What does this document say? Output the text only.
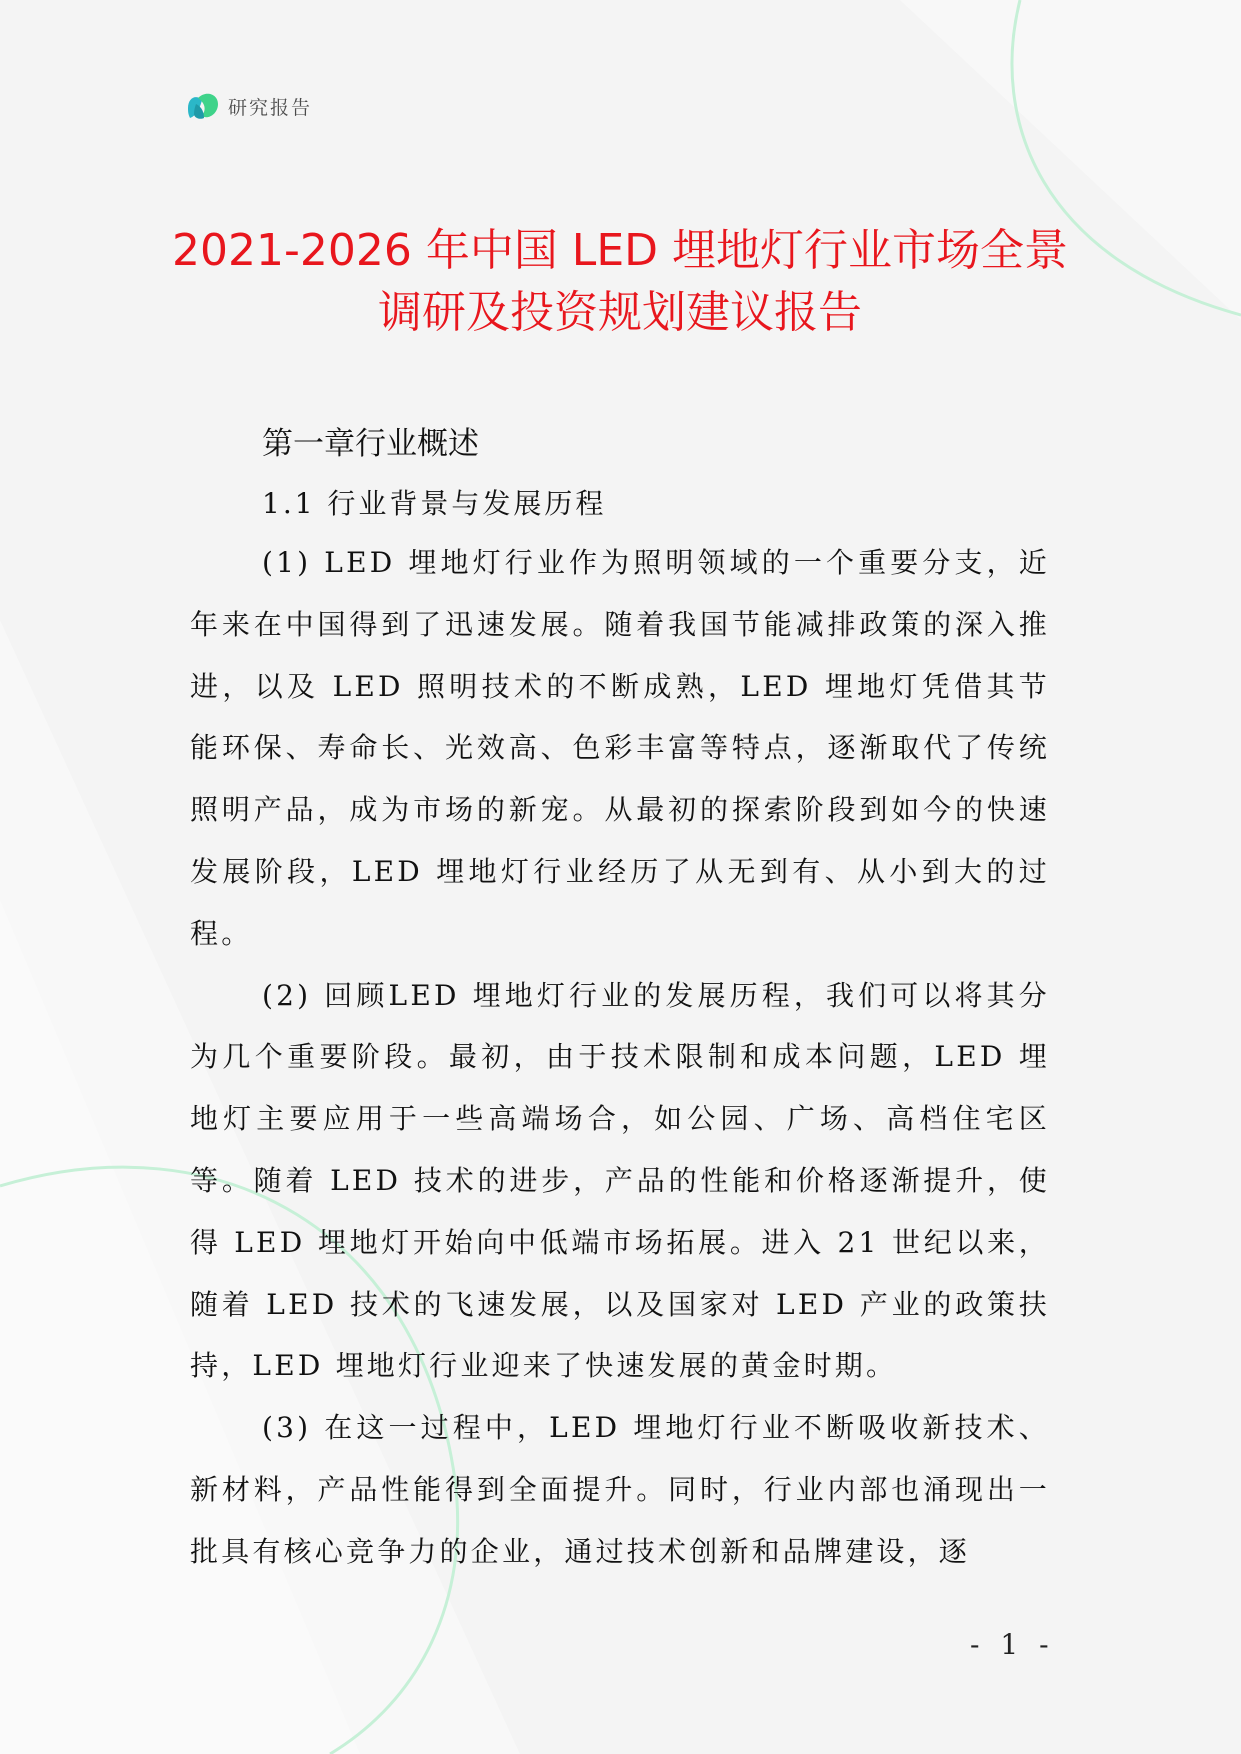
研究报告
2021-2026 年中国 LED 埋地灯行业市场全景
调研及投资规划建议报告
第一章行业概述
1.1 行业背景与发展历程

(1) LED 埋地灯行业作为照明领域的一个重要分支，近年来在中国得到了迅速发展。随着我国节能减排政策的深入推进，以及 LED 照明技术的不断成熟，LED 埋地灯凭借其节能环保、寿命长、光效高、色彩丰富等特点，逐渐取代了传统照明产品，成为市场的新宠。从最初的探索阶段到如今的快速发展阶段，LED 埋地灯行业经历了从无到有、从小到大的过程。

(2) 回顾LED 埋地灯行业的发展历程，我们可以将其分为几个重要阶段。最初，由于技术限制和成本问题，LED 埋地灯主要应用于一些高端场合，如公园、广场、高档住宅区等。随着 LED 技术的进步，产品的性能和价格逐渐提升，使得 LED 埋地灯开始向中低端市场拓展。进入 21 世纪以来，随着 LED 技术的飞速发展，以及国家对 LED 产业的政策扶持，LED 埋地灯行业迎来了快速发展的黄金时期。

(3) 在这一过程中，LED 埋地灯行业不断吸收新技术、新材料，产品性能得到全面提升。同时，行业内部也涌现出一批具有核心竞争力的企业，通过技术创新和品牌建设，逐

- 1 -
